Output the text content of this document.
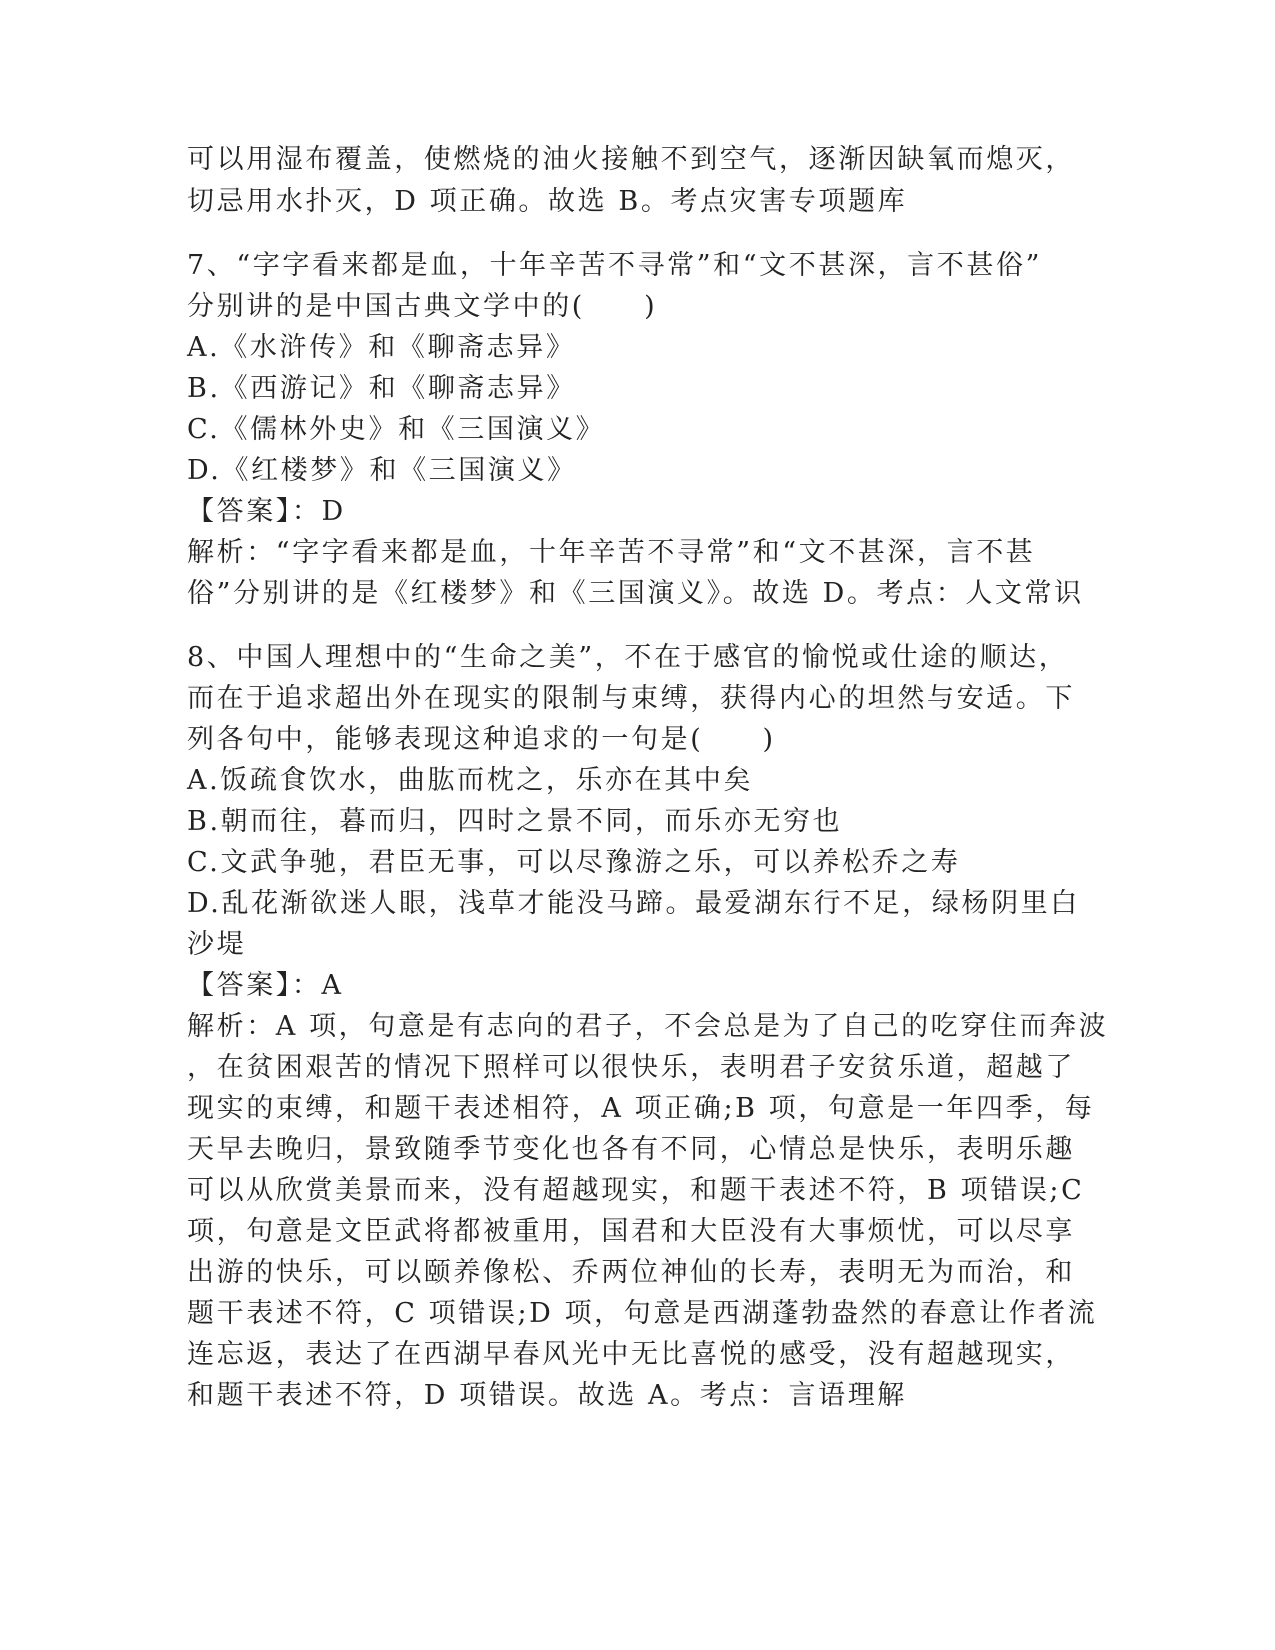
可以用湿布覆盖，使燃烧的油火接触不到空气，逐渐因缺氧而熄灭，
切忌用水扑灭，D 项正确。故选 B。考点灾害专项题库
7、“字字看来都是血，十年辛苦不寻常”和“文不甚深，言不甚俗”
分别讲的是中国古典文学中的(　　)
A.《水浒传》和《聊斋志异》
B.《西游记》和《聊斋志异》
C.《儒林外史》和《三国演义》
D.《红楼梦》和《三国演义》
【答案】：D
解析：“字字看来都是血，十年辛苦不寻常”和“文不甚深，言不甚
俗”分别讲的是《红楼梦》和《三国演义》。故选 D。考点：人文常识
8、中国人理想中的“生命之美”，不在于感官的愉悦或仕途的顺达，
而在于追求超出外在现实的限制与束缚，获得内心的坦然与安适。下
列各句中，能够表现这种追求的一句是(　　)
A.饭疏食饮水，曲肱而枕之，乐亦在其中矣
B.朝而往，暮而归，四时之景不同，而乐亦无穷也
C.文武争驰，君臣无事，可以尽豫游之乐，可以养松乔之寿
D.乱花渐欲迷人眼，浅草才能没马蹄。最爱湖东行不足，绿杨阴里白
沙堤
【答案】：A
解析：A 项，句意是有志向的君子，不会总是为了自己的吃穿住而奔波
，在贫困艰苦的情况下照样可以很快乐，表明君子安贫乐道，超越了
现实的束缚，和题干表述相符，A 项正确;B 项，句意是一年四季，每
天早去晚归，景致随季节变化也各有不同，心情总是快乐，表明乐趣
可以从欣赏美景而来，没有超越现实，和题干表述不符，B 项错误;C
项，句意是文臣武将都被重用，国君和大臣没有大事烦忧，可以尽享
出游的快乐，可以颐养像松、乔两位神仙的长寿，表明无为而治，和
题干表述不符，C 项错误;D 项，句意是西湖蓬勃盎然的春意让作者流
连忘返，表达了在西湖早春风光中无比喜悦的感受，没有超越现实，
和题干表述不符，D 项错误。故选 A。考点：言语理解
